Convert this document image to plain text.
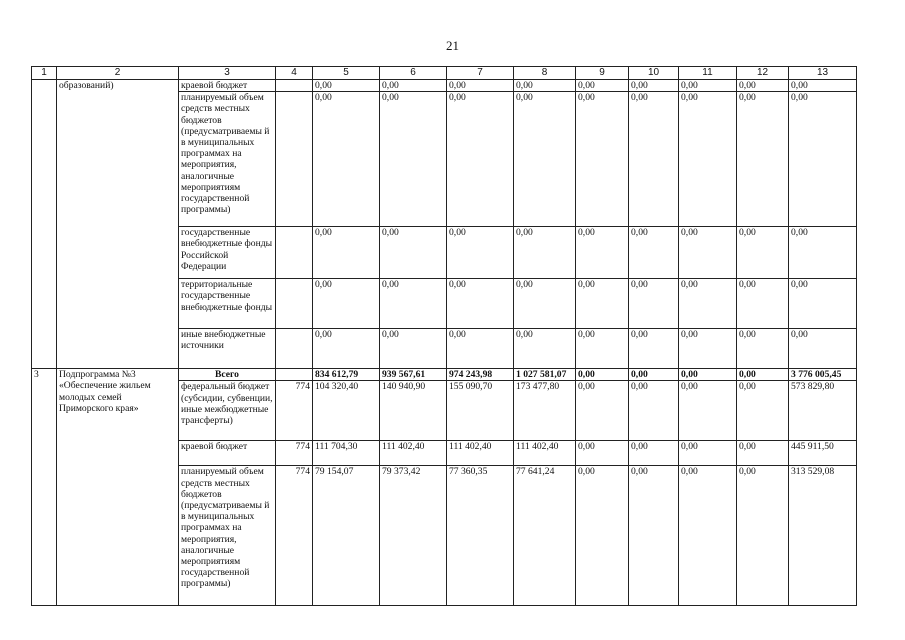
21
1	2	3	4	5	6	7	8	9	10	11	12	13
	образований)	краевой бюджет		0,00	0,00	0,00	0,00	0,00	0,00	0,00	0,00	0,00
		планируемый объем средств местных бюджетов (предусматриваемы й в муниципальных программах на мероприятия, аналогичные мероприятиям государственной программы)		0,00	0,00	0,00	0,00	0,00	0,00	0,00	0,00	0,00
		государственные внебюджетные фонды Российской Федерации		0,00	0,00	0,00	0,00	0,00	0,00	0,00	0,00	0,00
		территориальные государственные внебюджетные фонды		0,00	0,00	0,00	0,00	0,00	0,00	0,00	0,00	0,00
		иные внебюджетные источники		0,00	0,00	0,00	0,00	0,00	0,00	0,00	0,00	0,00
3	Подпрограмма №3 «Обеспечение жильем молодых семей Приморского края»	Всего		834 612,79	939 567,61	974 243,98	1 027 581,07	0,00	0,00	0,00	0,00	3 776 005,45
		федеральный бюджет (субсидии, субвенции, иные межбюджетные трансферты)	774	104 320,40	140 940,90	155 090,70	173 477,80	0,00	0,00	0,00	0,00	573 829,80
		краевой бюджет	774	111 704,30	111 402,40	111 402,40	111 402,40	0,00	0,00	0,00	0,00	445 911,50
		планируемый объем средств местных бюджетов (предусматриваемы й в муниципальных программах на мероприятия, аналогичные мероприятиям государственной программы)	774	79 154,07	79 373,42	77 360,35	77 641,24	0,00	0,00	0,00	0,00	313 529,08
